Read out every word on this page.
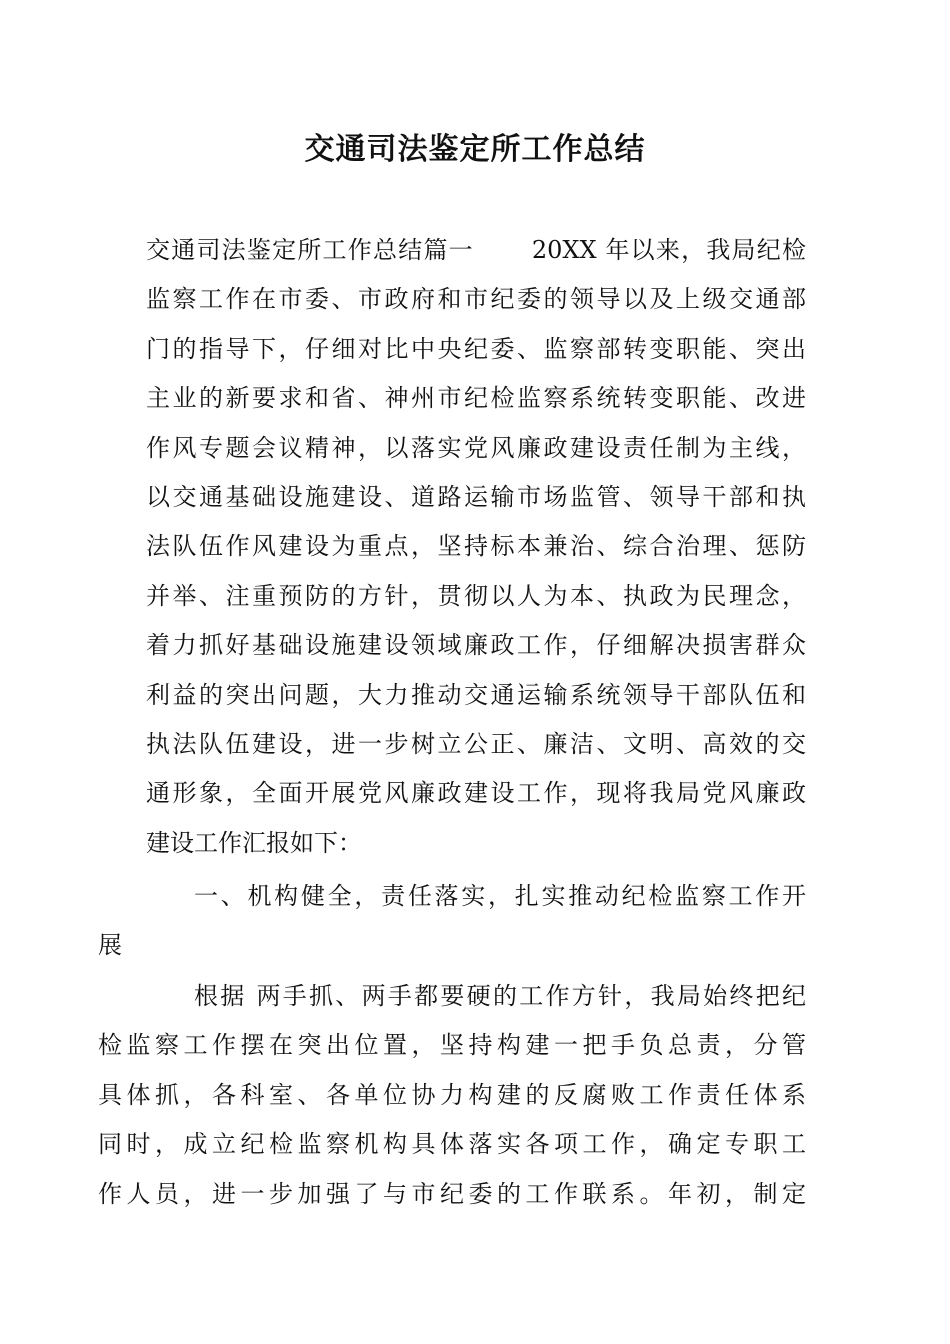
交通司法鉴定所工作总结
交通司法鉴定所工作总结篇一 20XX 年以来，我局纪检
监察工作在市委、市政府和市纪委的领导以及上级交通部
门的指导下，仔细对比中央纪委、监察部转变职能、突出
主业的新要求和省、神州市纪检监察系统转变职能、改进
作风专题会议精神，以落实党风廉政建设责任制为主线，
以交通基础设施建设、道路运输市场监管、领导干部和执
法队伍作风建设为重点，坚持标本兼治、综合治理、惩防
并举、注重预防的方针，贯彻以人为本、执政为民理念，
着力抓好基础设施建设领域廉政工作，仔细解决损害群众
利益的突出问题，大力推动交通运输系统领导干部队伍和
执法队伍建设，进一步树立公正、廉洁、文明、高效的交
通形象，全面开展党风廉政建设工作，现将我局党风廉政
建设工作汇报如下：
一、机构健全，责任落实，扎实推动纪检监察工作开
展
根据 两手抓、两手都要硬的工作方针，我局始终把纪
检监察工作摆在突出位置，坚持构建一把手负总责，分管
具体抓，各科室、各单位协力构建的反腐败工作责任体系
同时，成立纪检监察机构具体落实各项工作，确定专职工
作人员，进一步加强了与市纪委的工作联系。年初，制定
